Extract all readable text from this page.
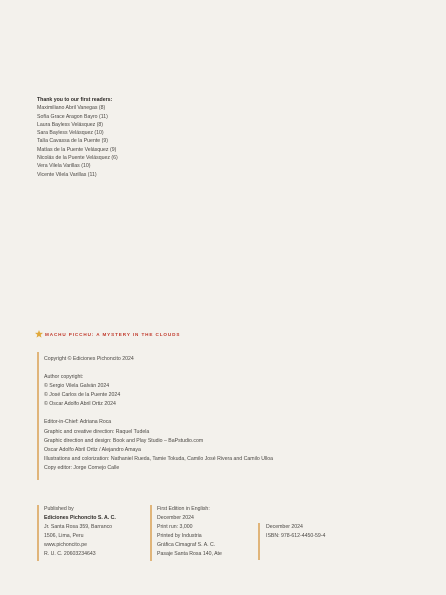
Thank you to our first readers:
Maximiliano Abril Vanegas (8)
Sofía Grace Aragon Bayro (11)
Laura Bayless Velásquez (8)
Sara Bayless Velásquez (10)
Talía Cavassa de la Puente (9)
Matías de la Puente Velásquez (9)
Nicolás de la Puente Velásquez (6)
Vera Vilela Varillas (10)
Vicente Vilela Varillas (11)
MACHU PICCHU: A MYSTERY IN THE CLOUDS
Copyright © Ediciones Pichoncito 2024
Author copyright:
© Sergio Vilela Galván 2024
© José Carlos de la Puente 2024
© Oscar Adolfo Abril Ortiz 2024
Editor-in-Chief: Adriana Roca
Graphic and creative direction: Raquel Tudela
Graphic direction and design: Book and Play Studio – BaPstudio.com
Oscar Adolfo Abril Ortiz / Alejandro Amaya
Illustrations and colorization: Nathaniel Rueda, Tamie Tokuda, Camilo José Rivera and Camilo Ulloa
Copy editor: Jorge Cornejo Calle
Published by
Ediciones Pichoncito S. A. C.
Jr. Santa Rosa 359, Barranco
1506, Lima, Peru
www.pichoncito.pe
R. U. C. 20603234643
First Edition in English:
December 2024
Print run: 3,000
Printed by Industria
Gráfica Cimagraf S. A. C.
Pasaje Santa Rosa 140, Ate
December 2024
ISBN: 978-612-4450-59-4
